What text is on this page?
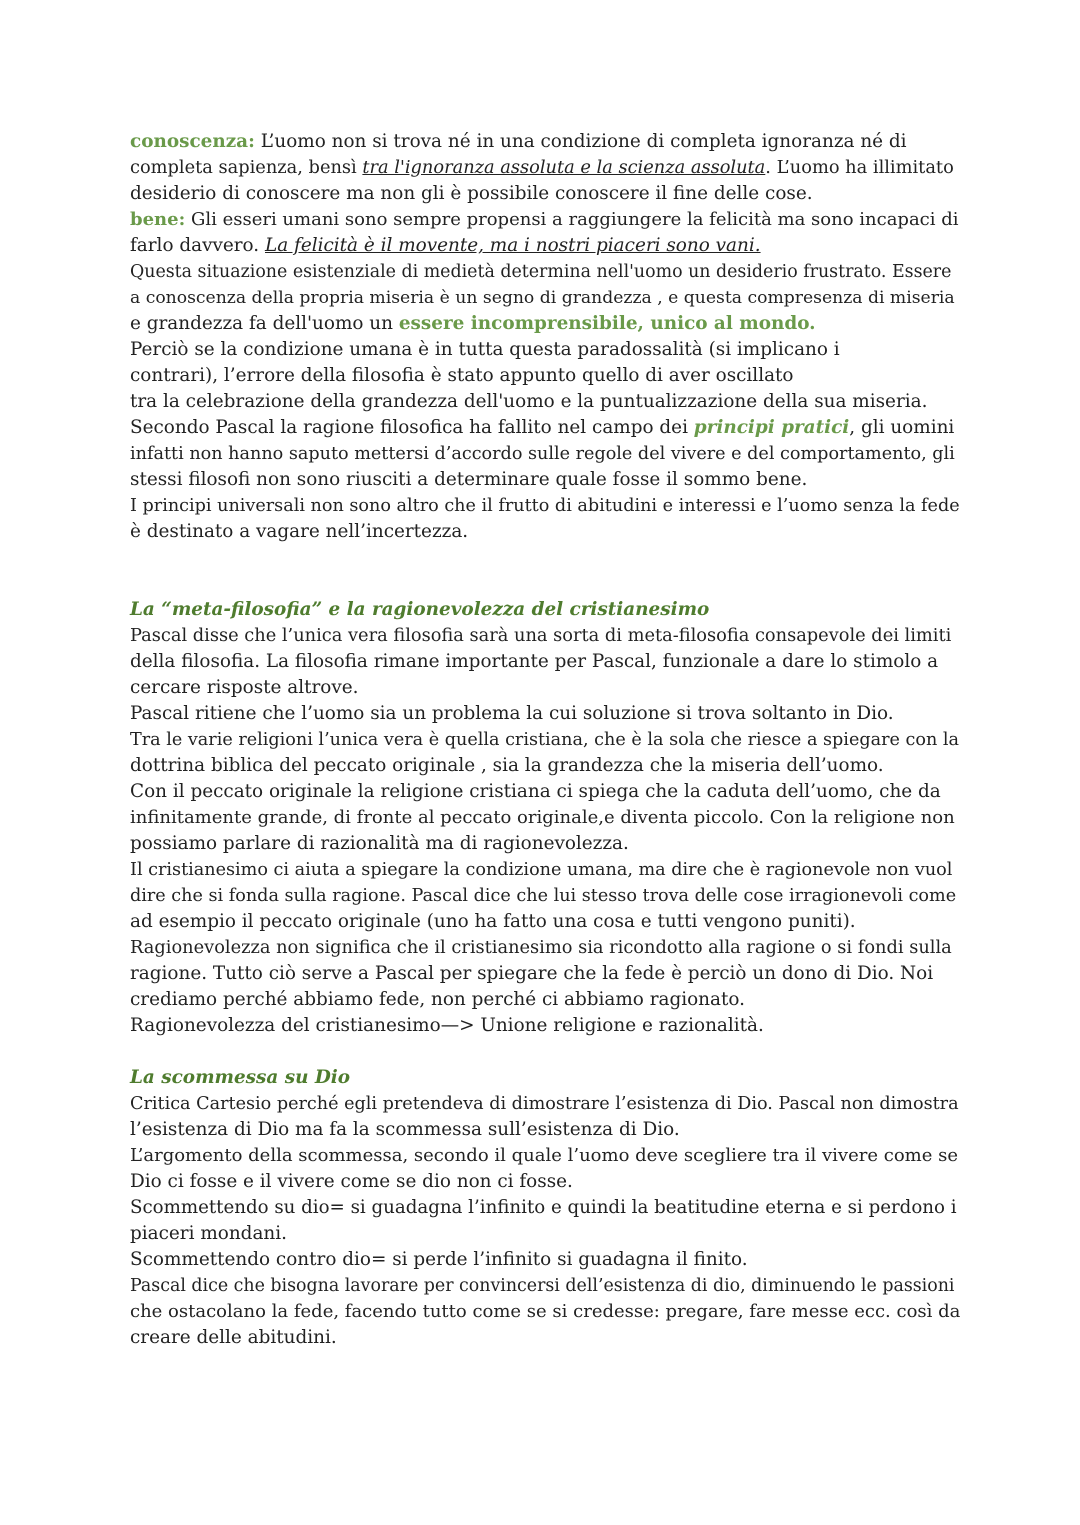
conoscenza: L’uomo non si trova né in una condizione di completa ignoranza né di
completa sapienza, bensì tra l'ignoranza assoluta e la scienza assoluta. L’uomo ha illimitato
desiderio di conoscere ma non gli è possibile conoscere il fine delle cose.
bene: Gli esseri umani sono sempre propensi a raggiungere la felicità ma sono incapaci di
farlo davvero. La felicità è il movente, ma i nostri piaceri sono vani.
Questa situazione esistenziale di medietà determina nell'uomo un desiderio frustrato. Essere
a conoscenza della propria miseria è un segno di grandezza , e questa compresenza di miseria
e grandezza fa dell'uomo un essere incomprensibile, unico al mondo.
Perciò se la condizione umana è in tutta questa paradossalità (si implicano i
contrari), l’errore della filosofia è stato appunto quello di aver oscillato
tra la celebrazione della grandezza dell'uomo e la puntualizzazione della sua miseria.
Secondo Pascal la ragione filosofica ha fallito nel campo dei principi pratici, gli uomini
infatti non hanno saputo mettersi d’accordo sulle regole del vivere e del comportamento, gli
stessi filosofi non sono riusciti a determinare quale fosse il sommo bene.
I principi universali non sono altro che il frutto di abitudini e interessi e l’uomo senza la fede
è destinato a vagare nell’incertezza.
La “meta-filosofia” e la ragionevolezza del cristianesimo
Pascal disse che l’unica vera filosofia sarà una sorta di meta-filosofia consapevole dei limiti
della filosofia. La filosofia rimane importante per Pascal, funzionale a dare lo stimolo a
cercare risposte altrove.
Pascal ritiene che l’uomo sia un problema la cui soluzione si trova soltanto in Dio.
Tra le varie religioni l’unica vera è quella cristiana, che è la sola che riesce a spiegare con la
dottrina biblica del peccato originale , sia la grandezza che la miseria dell’uomo.
Con il peccato originale la religione cristiana ci spiega che la caduta dell’uomo, che da
infinitamente grande, di fronte al peccato originale,e diventa piccolo. Con la religione non
possiamo parlare di razionalità ma di ragionevolezza.
Il cristianesimo ci aiuta a spiegare la condizione umana, ma dire che è ragionevole non vuol
dire che si fonda sulla ragione. Pascal dice che lui stesso trova delle cose irragionevoli come
ad esempio il peccato originale (uno ha fatto una cosa e tutti vengono puniti).
Ragionevolezza non significa che il cristianesimo sia ricondotto alla ragione o si fondi sulla
ragione. Tutto ciò serve a Pascal per spiegare che la fede è perciò un dono di Dio. Noi
crediamo perché abbiamo fede, non perché ci abbiamo ragionato.
Ragionevolezza del cristianesimo—> Unione religione e razionalità.
La scommessa su Dio
Critica Cartesio perché egli pretendeva di dimostrare l’esistenza di Dio. Pascal non dimostra
l’esistenza di Dio ma fa la scommessa sull’esistenza di Dio.
L’argomento della scommessa, secondo il quale l’uomo deve scegliere tra il vivere come se
Dio ci fosse e il vivere come se dio non ci fosse.
Scommettendo su dio= si guadagna l’infinito e quindi la beatitudine eterna e si perdono i
piaceri mondani.
Scommettendo contro dio= si perde l’infinito si guadagna il finito.
Pascal dice che bisogna lavorare per convincersi dell’esistenza di dio, diminuendo le passioni
che ostacolano la fede, facendo tutto come se si credesse: pregare, fare messe ecc. così da
creare delle abitudini.
